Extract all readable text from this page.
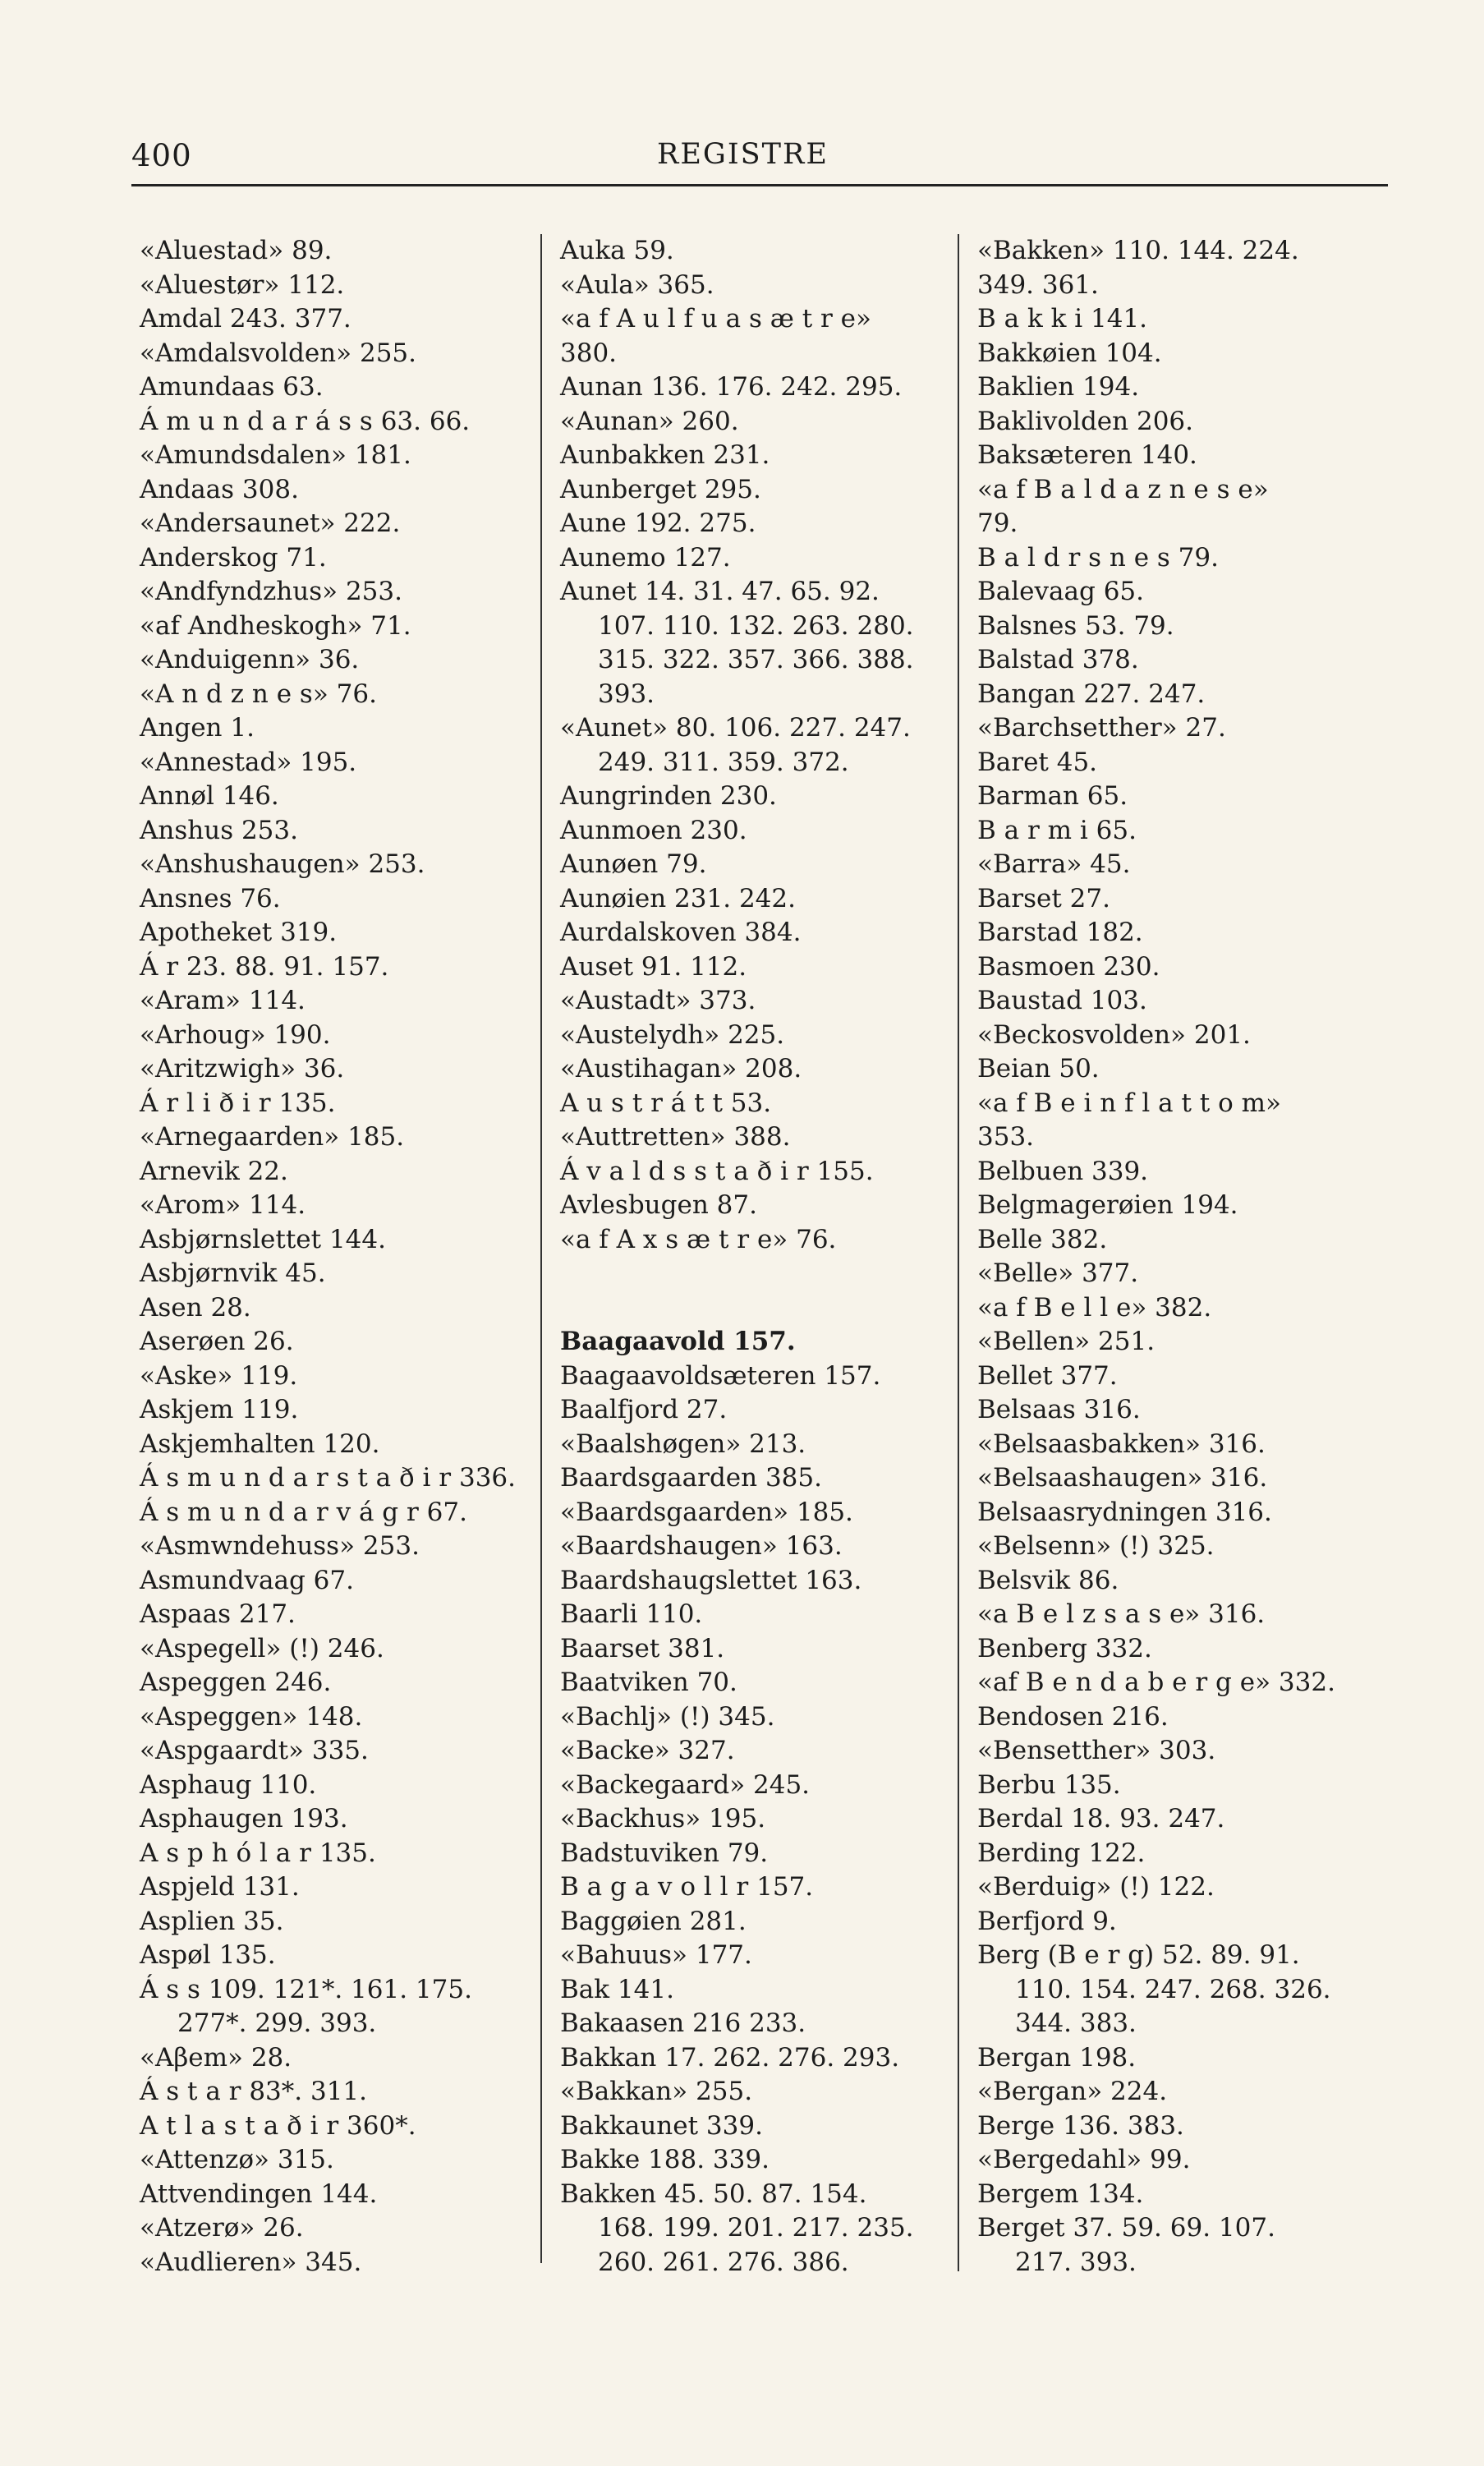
400	REGISTRE
«Aluestad» 89.
«Aluestør» 112.
Amdal 243. 377.
«Amdalsvolden» 255.
Amundaas 63.
Á m u n d a r á s s 63. 66.
«Amundsdalen» 181.
Andaas 308.
«Andersaunet» 222.
Anderskog 71.
«Andfyndzhus» 253.
«af Andheskogh» 71.
«Anduigenn» 36.
«A n d z n e s» 76.
Angen 1.
«Annestad» 195.
Annøl 146.
Anshus 253.
«Anshushaugen» 253.
Ansnes 76.
Apotheket 319.
Á r 23. 88. 91. 157.
«Aram» 114.
«Arhoug» 190.
«Aritzwigh» 36.
Á r l i ð i r 135.
«Arnegaarden» 185.
Arnevik 22.
«Arom» 114.
Asbjørnslettet 144.
Asbjørnvik 45.
Asen 28.
Aserøen 26.
«Aske» 119.
Askjem 119.
Askjemhalten 120.
Á s m u n d a r s t a ð i r 336.
Á s m u n d a r v á g r 67.
«Asmwndehuss» 253.
Asmundvaag 67.
Aspaas 217.
«Aspegell» (!) 246.
Aspeggen 246.
«Aspeggen» 148.
«Aspgaardt» 335.
Asphaug 110.
Asphaugen 193.
A s p h ó l a r 135.
Aspjeld 131.
Asplien 35.
Aspøl 135.
Á s s 109. 121*. 161. 175.
277*. 299. 393.
«Aβem» 28.
Á s t a r 83*. 311.
A t l a s t a ð i r 360*.
«Attenzø» 315.
Attvendingen 144.
«Atzerø» 26.
«Audlieren» 345.
Auka 59.
«Aula» 365.
«a f A u l f u a s æ t r e»
380.
Aunan 136. 176. 242. 295.
«Aunan» 260.
Aunbakken 231.
Aunberget 295.
Aune 192. 275.
Aunemo 127.
Aunet 14. 31. 47. 65. 92.
107. 110. 132. 263. 280.
315. 322. 357. 366. 388.
393.
«Aunet» 80. 106. 227. 247.
249. 311. 359. 372.
Aungrinden 230.
Aunmoen 230.
Aunøen 79.
Aunøien 231. 242.
Aurdalskoven 384.
Auset 91. 112.
«Austadt» 373.
«Austelydh» 225.
«Austihagan» 208.
A u s t r á t t 53.
«Auttretten» 388.
Á v a l d s s t a ð i r 155.
Avlesbugen 87.
«a f A x s æ t r e» 76.
Baagaavold 157.
Baagaavoldsæteren 157.
Baalfjord 27.
«Baalshøgen» 213.
Baardsgaarden 385.
«Baardsgaarden» 185.
«Baardshaugen» 163.
Baardshaugslettet 163.
Baarli 110.
Baarset 381.
Baatviken 70.
«Bachlj» (!) 345.
«Backe» 327.
«Backegaard» 245.
«Backhus» 195.
Badstuviken 79.
B a g a v o l l r 157.
Baggøien 281.
«Bahuus» 177.
Bak 141.
Bakaasen 216 233.
Bakkan 17. 262. 276. 293.
«Bakkan» 255.
Bakkaunet 339.
Bakke 188. 339.
Bakken 45. 50. 87. 154.
168. 199. 201. 217. 235.
260. 261. 276. 386.
«Bakken» 110. 144. 224.
349. 361.
B a k k i 141.
Bakkøien 104.
Baklien 194.
Baklivolden 206.
Baksæteren 140.
«a f B a l d a z n e s e»
79.
B a l d r s n e s 79.
Balevaag 65.
Balsnes 53. 79.
Balstad 378.
Bangan 227. 247.
«Barchsetther» 27.
Baret 45.
Barman 65.
B a r m i 65.
«Barra» 45.
Barset 27.
Barstad 182.
Basmoen 230.
Baustad 103.
«Beckosvolden» 201.
Beian 50.
«a f B e i n f l a t t o m»
353.
Belbuen 339.
Belgmagerøien 194.
Belle 382.
«Belle» 377.
«a f B e l l e» 382.
«Bellen» 251.
Bellet 377.
Belsaas 316.
«Belsaasbakken» 316.
«Belsaashaugen» 316.
Belsaasrydningen 316.
«Belsenn» (!) 325.
Belsvik 86.
«a B e l z s a s e» 316.
Benberg 332.
«af B e n d a b e r g e» 332.
Bendosen 216.
«Bensetther» 303.
Berbu 135.
Berdal 18. 93. 247.
Berding 122.
«Berduig» (!) 122.
Berfjord 9.
Berg (B e r g) 52. 89. 91.
110. 154. 247. 268. 326.
344. 383.
Bergan 198.
«Bergan» 224.
Berge 136. 383.
«Bergedahl» 99.
Bergem 134.
Berget 37. 59. 69. 107.
217. 393.
